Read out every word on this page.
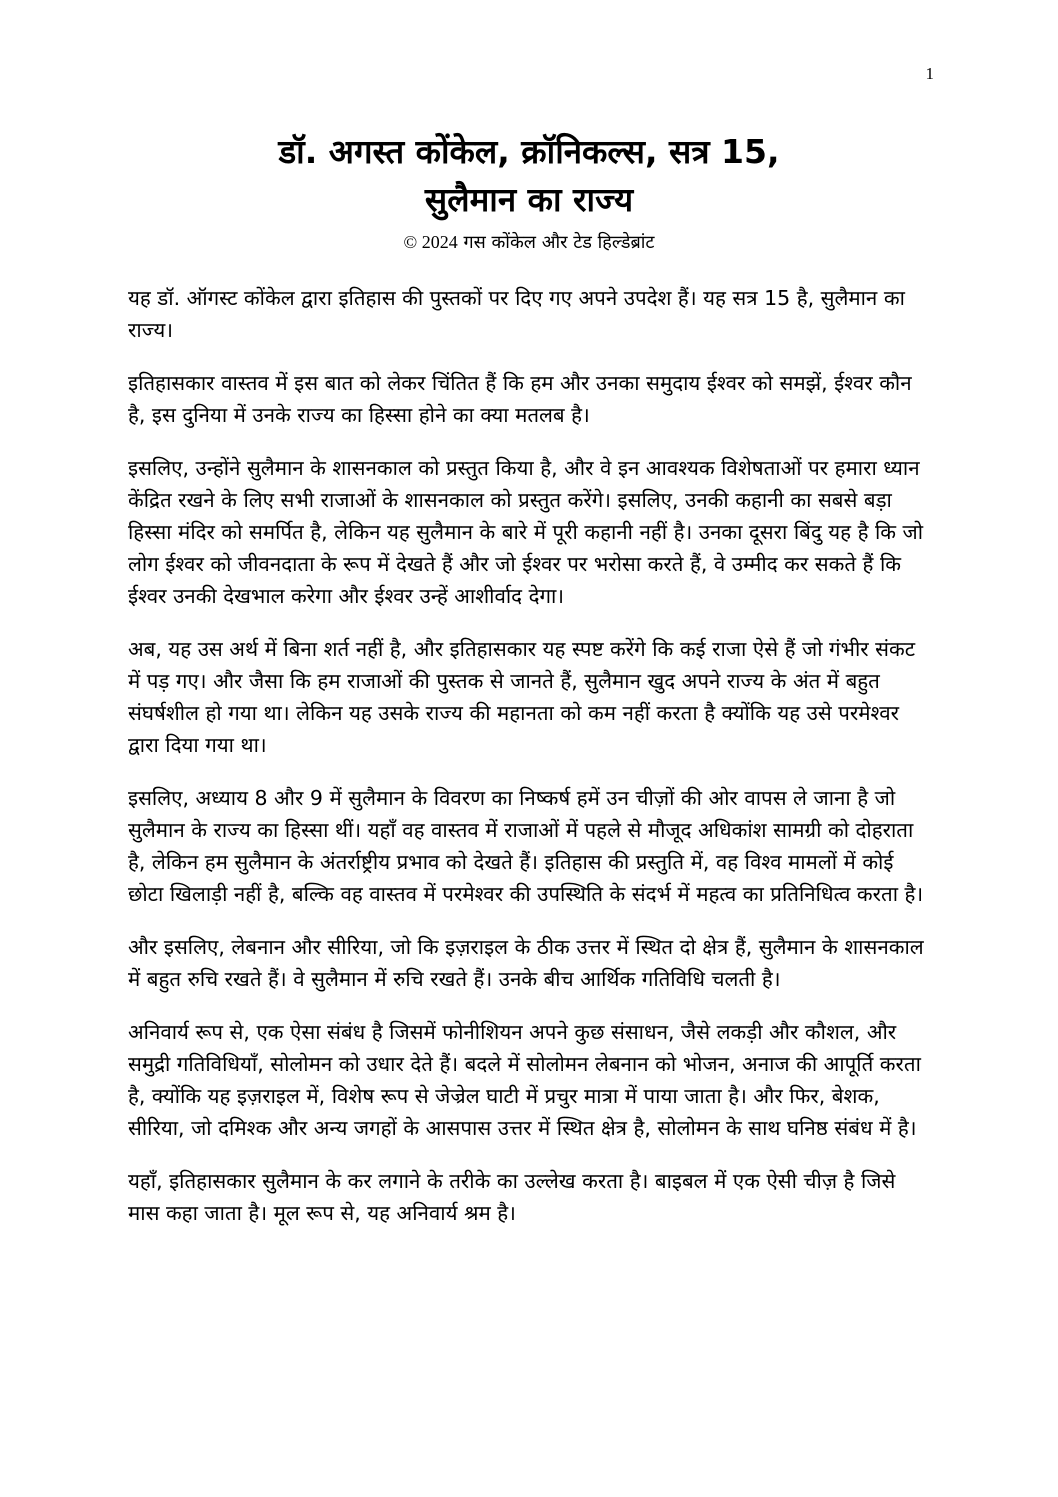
1
डॉ. अगस्त कोंकेल, क्रॉनिकल्स, सत्र 15,
सुलैमान का राज्य
© 2024 गस कोंकेल और टेड हिल्डेब्रांट

यह डॉ. ऑगस्ट कोंकेल द्वारा इतिहास की पुस्तकों पर दिए गए अपने उपदेश हैं। यह सत्र 15 है, सुलैमान का राज्य।

इतिहासकार वास्तव में इस बात को लेकर चिंतित हैं कि हम और उनका समुदाय ईश्वर को समझें, ईश्वर कौन है, इस दुनिया में उनके राज्य का हिस्सा होने का क्या मतलब है।

इसलिए, उन्होंने सुलैमान के शासनकाल को प्रस्तुत किया है, और वे इन आवश्यक विशेषताओं पर हमारा ध्यान केंद्रित रखने के लिए सभी राजाओं के शासनकाल को प्रस्तुत करेंगे। इसलिए, उनकी कहानी का सबसे बड़ा हिस्सा मंदिर को समर्पित है, लेकिन यह सुलैमान के बारे में पूरी कहानी नहीं है। उनका दूसरा बिंदु यह है कि जो लोग ईश्वर को जीवनदाता के रूप में देखते हैं और जो ईश्वर पर भरोसा करते हैं, वे उम्मीद कर सकते हैं कि ईश्वर उनकी देखभाल करेगा और ईश्वर उन्हें आशीर्वाद देगा।

अब, यह उस अर्थ में बिना शर्त नहीं है, और इतिहासकार यह स्पष्ट करेंगे कि कई राजा ऐसे हैं जो गंभीर संकट में पड़ गए। और जैसा कि हम राजाओं की पुस्तक से जानते हैं, सुलैमान खुद अपने राज्य के अंत में बहुत संघर्षशील हो गया था। लेकिन यह उसके राज्य की महानता को कम नहीं करता है क्योंकि यह उसे परमेश्वर द्वारा दिया गया था।

इसलिए, अध्याय 8 और 9 में सुलैमान के विवरण का निष्कर्ष हमें उन चीज़ों की ओर वापस ले जाना है जो सुलैमान के राज्य का हिस्सा थीं। यहाँ वह वास्तव में राजाओं में पहले से मौजूद अधिकांश सामग्री को दोहराता है, लेकिन हम सुलैमान के अंतर्राष्ट्रीय प्रभाव को देखते हैं। इतिहास की प्रस्तुति में, वह विश्व मामलों में कोई छोटा खिलाड़ी नहीं है, बल्कि वह वास्तव में परमेश्वर की उपस्थिति के संदर्भ में महत्व का प्रतिनिधित्व करता है।

और इसलिए, लेबनान और सीरिया, जो कि इज़राइल के ठीक उत्तर में स्थित दो क्षेत्र हैं, सुलैमान के शासनकाल में बहुत रुचि रखते हैं। वे सुलैमान में रुचि रखते हैं। उनके बीच आर्थिक गतिविधि चलती है।

अनिवार्य रूप से, एक ऐसा संबंध है जिसमें फोनीशियन अपने कुछ संसाधन, जैसे लकड़ी और कौशल, और समुद्री गतिविधियाँ, सोलोमन को उधार देते हैं। बदले में सोलोमन लेबनान को भोजन, अनाज की आपूर्ति करता है, क्योंकि यह इज़राइल में, विशेष रूप से जेज्रेल घाटी में प्रचुर मात्रा में पाया जाता है। और फिर, बेशक, सीरिया, जो दमिश्क और अन्य जगहों के आसपास उत्तर में स्थित क्षेत्र है, सोलोमन के साथ घनिष्ठ संबंध में है।

यहाँ, इतिहासकार सुलैमान के कर लगाने के तरीके का उल्लेख करता है। बाइबल में एक ऐसी चीज़ है जिसे मास कहा जाता है। मूल रूप से, यह अनिवार्य श्रम है।
